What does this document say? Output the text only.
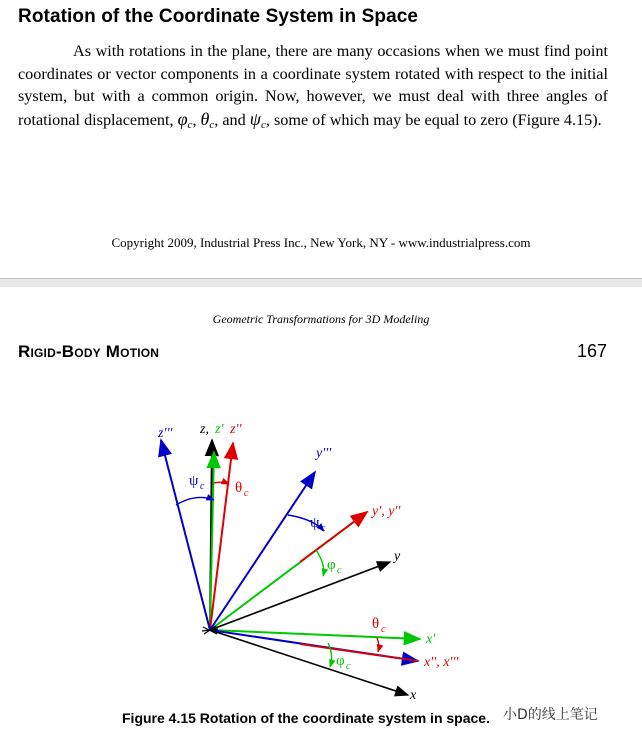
Rotation of the Coordinate System in Space
As with rotations in the plane, there are many occasions when we must find point coordinates or vector components in a coordinate system rotated with respect to the initial system, but with a common origin. Now, however, we must deal with three angles of rotational displacement, $\varphi_c$, $\theta_c$, and $\psi_c$, some of which may be equal to zero (Figure 4.15).
Copyright 2009, Industrial Press Inc., New York, NY - www.industrialpress.com
Geometric Transformations for 3D Modeling
Rigid-Body Motion	167
z''' z, z' z''
y'''
y', y''
y
x'
x'', x'''
x
ψ c θ c
ψ c
φ c
θ c
φ c
Figure 4.15 Rotation of the coordinate system in space. 小D的线上笔记
